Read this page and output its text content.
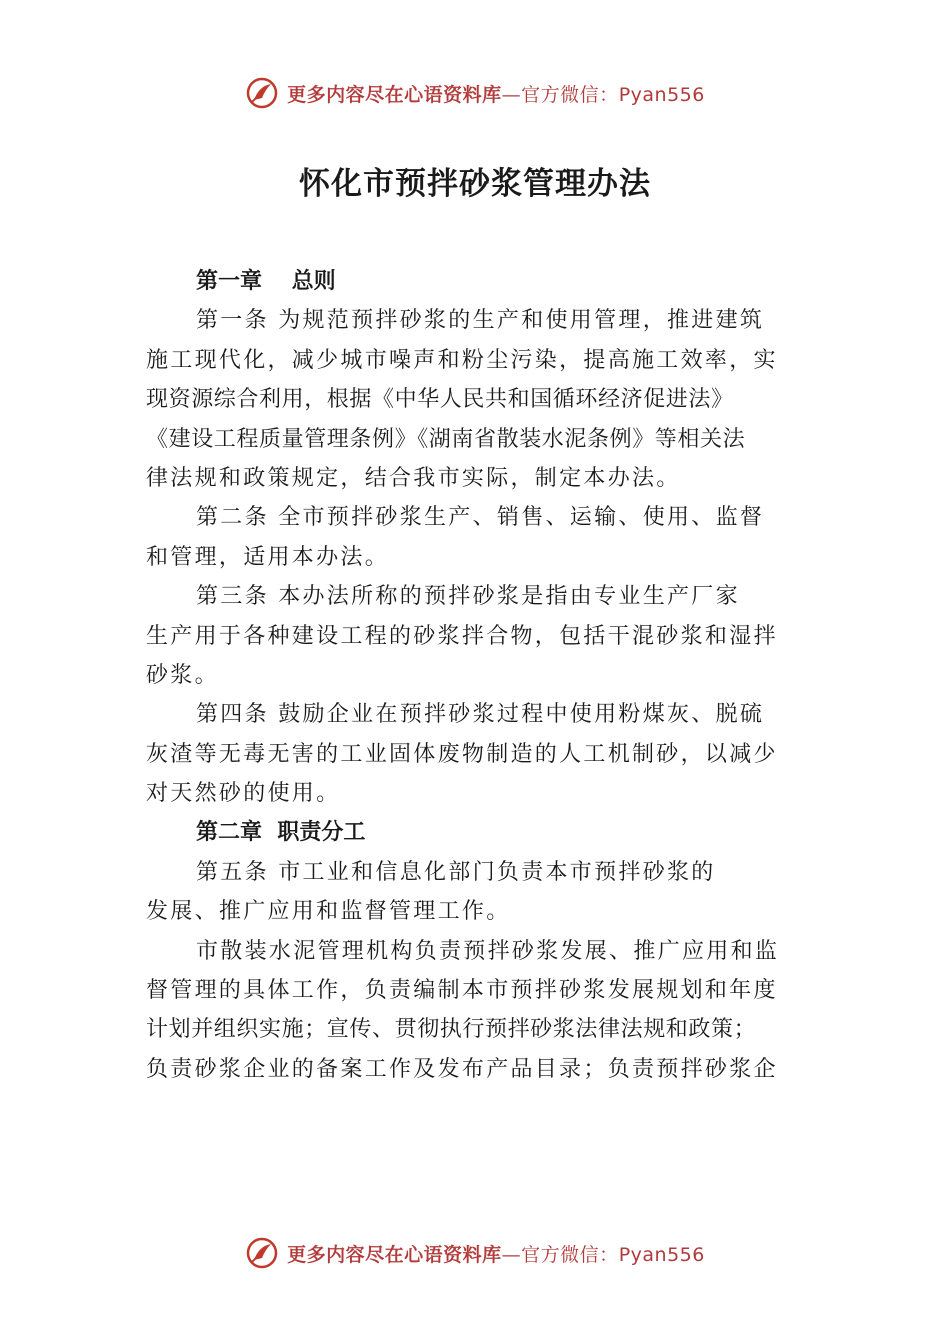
更多内容尽在心语资料库—官方微信：Pyan556
怀化市预拌砂浆管理办法
第一章 　总则
第一条 为规范预拌砂浆的生产和使用管理，推进建筑
施工现代化，减少城市噪声和粉尘污染，提高施工效率，实
现资源综合利用，根据《中华人民共和国循环经济促进法》
《建设工程质量管理条例》《湖南省散装水泥条例》等相关法
律法规和政策规定，结合我市实际，制定本办法。
第二条 全市预拌砂浆生产、销售、运输、使用、监督
和管理，适用本办法。
第三条 本办法所称的预拌砂浆是指由专业生产厂家
生产用于各种建设工程的砂浆拌合物，包括干混砂浆和湿拌
砂浆。
第四条 鼓励企业在预拌砂浆过程中使用粉煤灰、脱硫
灰渣等无毒无害的工业固体废物制造的人工机制砂，以减少
对天然砂的使用。
第二章  职责分工
第五条 市工业和信息化部门负责本市预拌砂浆的
发展、推广应用和监督管理工作。
市散装水泥管理机构负责预拌砂浆发展、推广应用和监
督管理的具体工作，负责编制本市预拌砂浆发展规划和年度
计划并组织实施；宣传、贯彻执行预拌砂浆法律法规和政策；
负责砂浆企业的备案工作及发布产品目录；负责预拌砂浆企
更多内容尽在心语资料库—官方微信：Pyan556
